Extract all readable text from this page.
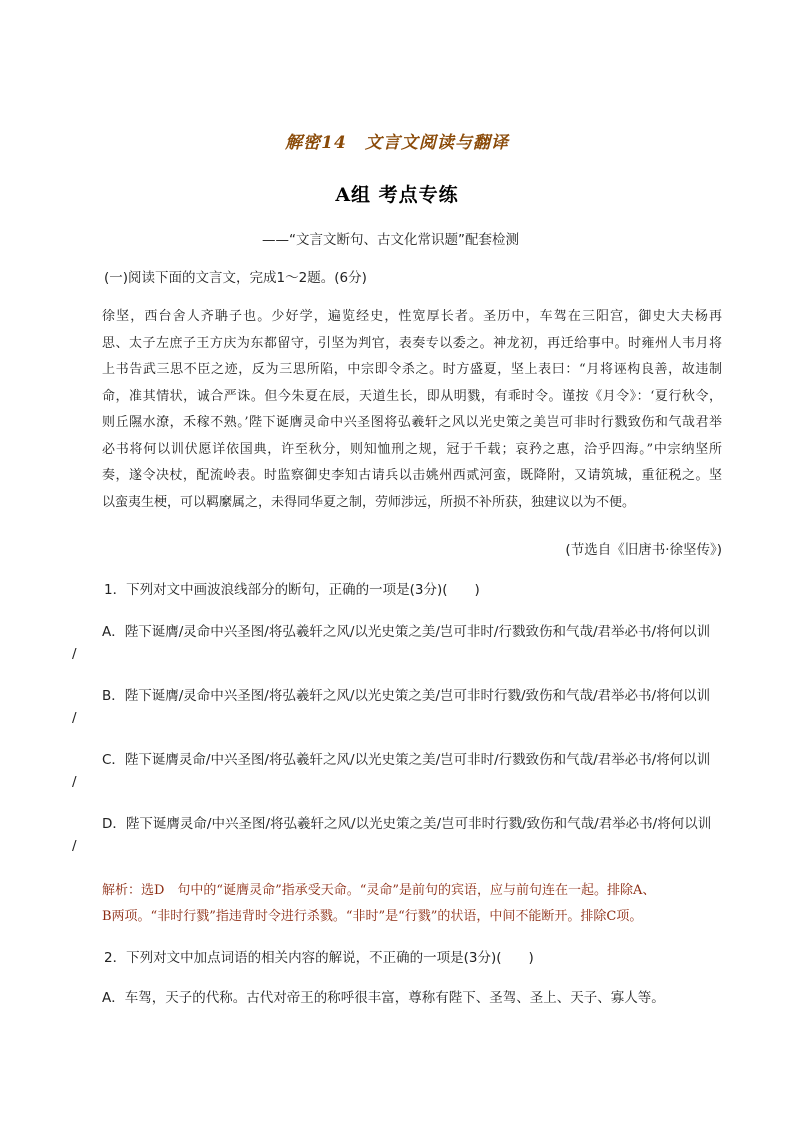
解密14　文言文阅读与翻译
A组 考点专练
——“文言文断句、古文化常识题”配套检测
(一)阅读下面的文言文，完成1～2题。(6分)
徐坚，西台舍人齐聃子也。少好学，遍览经史，性宽厚长者。圣历中，车驾在三阳宫，御史大夫杨再
思、太子左庶子王方庆为东都留守，引坚为判官，表奏专以委之。神龙初，再迁给事中。时雍州人韦月将
上书告武三思不臣之迹，反为三思所陷，中宗即令杀之。时方盛夏，坚上表曰：“月将诬构良善，故违制
命，准其情状，诚合严诛。但今朱夏在辰，天道生长，即从明戮，有乖时令。谨按《月令》：‘夏行秋令，
则丘隰水潦，禾稼不熟。’陛下诞膺灵命中兴圣图将弘羲轩之风以光史策之美岂可非时行戮致伤和气哉君举
必书将何以训伏愿详依国典，许至秋分，则知恤刑之规，冠于千载；哀矜之惠，洽乎四海。”中宗纳坚所
奏，遂令决杖，配流岭表。时监察御史李知古请兵以击姚州西贰河蛮，既降附，又请筑城，重征税之。坚
以蛮夷生梗，可以羁縻属之，未得同华夏之制，劳师涉远，所损不补所获，独建议以为不便。
(节选自《旧唐书·徐坚传》)
1．下列对文中画波浪线部分的断句，正确的一项是(3分)(　　)
A．陛下诞膺/灵命中兴圣图/将弘羲轩之风/以光史策之美/岂可非时/行戮致伤和气哉/君举必书/将何以训
/
B．陛下诞膺/灵命中兴圣图/将弘羲轩之风/以光史策之美/岂可非时行戮/致伤和气哉/君举必书/将何以训
/
C．陛下诞膺灵命/中兴圣图/将弘羲轩之风/以光史策之美/岂可非时/行戮致伤和气哉/君举必书/将何以训
/
D．陛下诞膺灵命/中兴圣图/将弘羲轩之风/以光史策之美/岂可非时行戮/致伤和气哉/君举必书/将何以训
/
解析：选D　句中的“诞膺灵命”指承受天命。“灵命”是前句的宾语，应与前句连在一起。排除A、
B两项。“非时行戮”指违背时令进行杀戮。“非时”是“行戮”的状语，中间不能断开。排除C项。
2．下列对文中加点词语的相关内容的解说，不正确的一项是(3分)(　　)
A．车驾，天子的代称。古代对帝王的称呼很丰富，尊称有陛下、圣驾、圣上、天子、寡人等。
